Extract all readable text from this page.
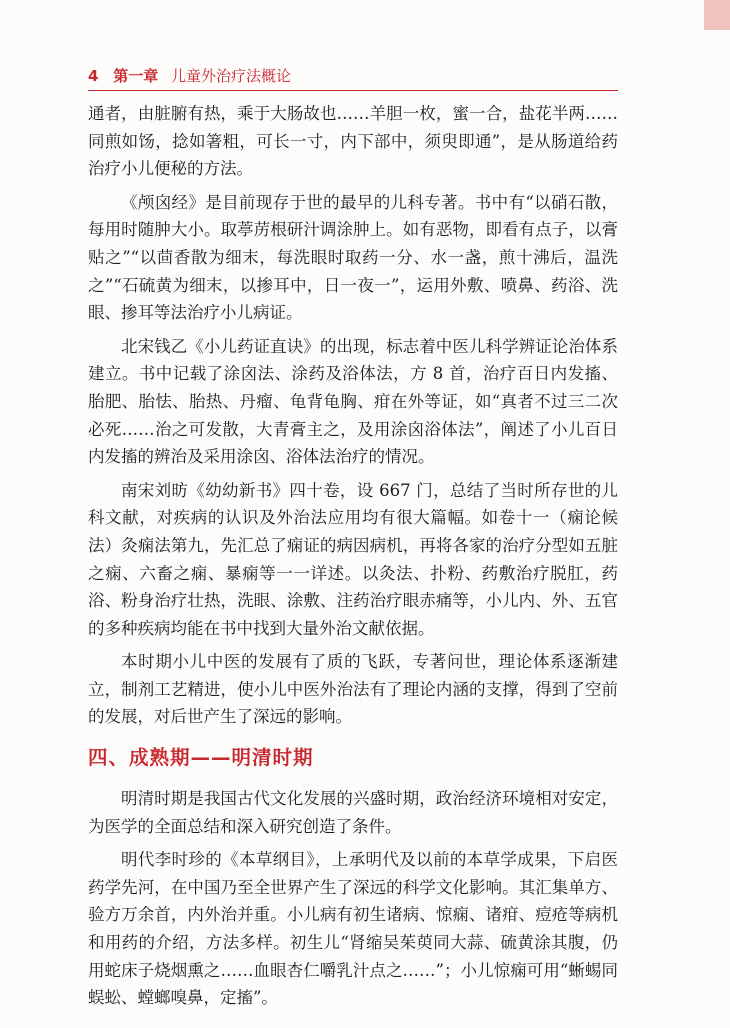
4 第一章 儿童外治疗法概论

通者，由脏腑有热，乘于大肠故也……羊胆一枚，蜜一合，盐花半两……同煎如饧，捻如箸粗，可长一寸，内下部中，须臾即通”，是从肠道给药治疗小儿便秘的方法。

《颅囟经》是目前现存于世的最早的儿科专著。书中有“以硝石散，每用时随肿大小。取葶苈根研汁调涂肿上。如有恶物，即看有点子，以膏贴之”“以茴香散为细末，每洗眼时取药一分、水一盏，煎十沸后，温洗之”“石硫黄为细末，以掺耳中，日一夜一”，运用外敷、喷鼻、药浴、洗眼、掺耳等法治疗小儿病证。

北宋钱乙《小儿药证直诀》的出现，标志着中医儿科学辨证论治体系建立。书中记载了涂囟法、涂药及浴体法，方 8 首，治疗百日内发搐、胎肥、胎怯、胎热、丹瘤、龟背龟胸、疳在外等证，如“真者不过三二次必死……治之可发散，大青膏主之，及用涂囟浴体法”，阐述了小儿百日内发搐的辨治及采用涂囟、浴体法治疗的情况。

南宋刘昉《幼幼新书》四十卷，设 667 门，总结了当时所存世的儿科文献，对疾病的认识及外治法应用均有很大篇幅。如卷十一（痫论候法）灸痫法第九，先汇总了痫证的病因病机，再将各家的治疗分型如五脏之痫、六畜之痫、暴痫等一一详述。以灸法、扑粉、药敷治疗脱肛，药浴、粉身治疗壮热，洗眼、涂敷、注药治疗眼赤痛等，小儿内、外、五官的多种疾病均能在书中找到大量外治文献依据。

本时期小儿中医的发展有了质的飞跃，专著问世，理论体系逐渐建立，制剂工艺精进，使小儿中医外治法有了理论内涵的支撑，得到了空前的发展，对后世产生了深远的影响。

四、成熟期——明清时期

明清时期是我国古代文化发展的兴盛时期，政治经济环境相对安定，为医学的全面总结和深入研究创造了条件。

明代李时珍的《本草纲目》，上承明代及以前的本草学成果，下启医药学先河，在中国乃至全世界产生了深远的科学文化影响。其汇集单方、验方万余首，内外治并重。小儿病有初生诸病、惊痫、诸疳、痘疮等病机和用药的介绍，方法多样。初生儿“肾缩吴茱萸同大蒜、硫黄涂其腹，仍用蛇床子烧烟熏之……血眼杏仁嚼乳汁点之……”；小儿惊痫可用“蜥蜴同蜈蚣、螳螂嗅鼻，定搐”。
